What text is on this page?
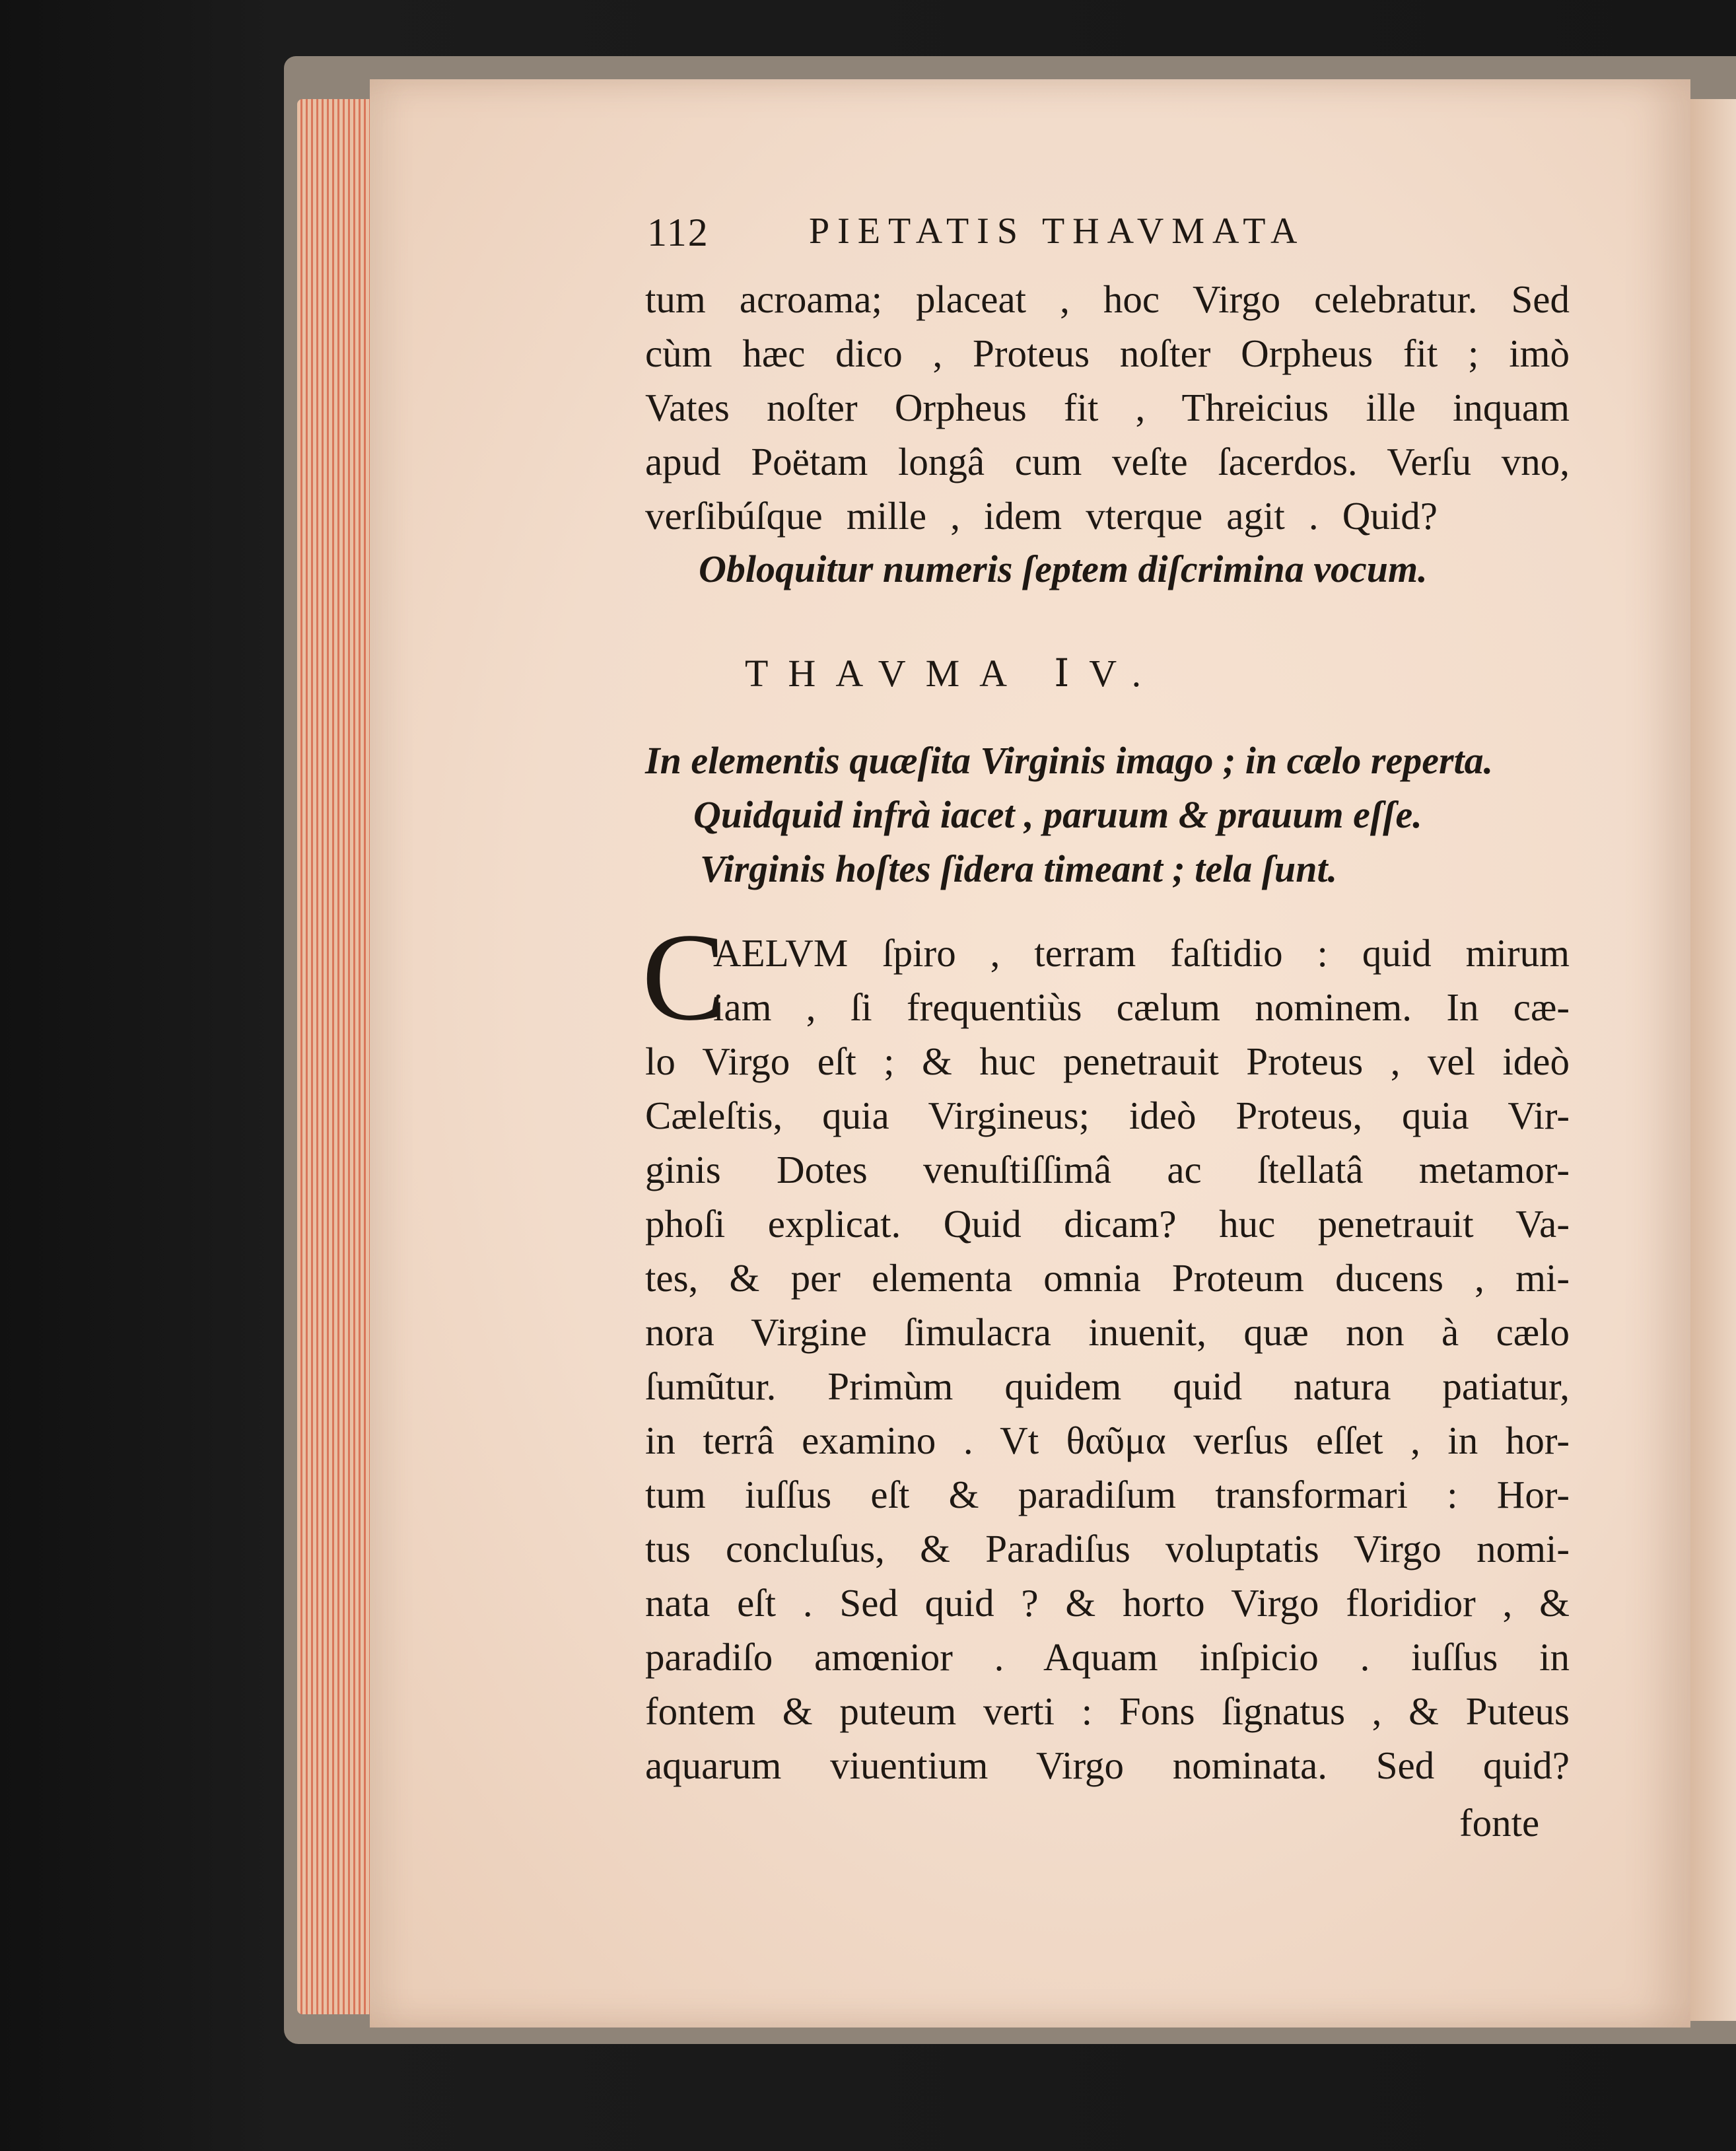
112	PIETATIS THAVMATA
tum acroama; placeat , hoc Virgo celebratur. Sed
cùm hæc dico , Proteus noſter Orpheus fit ; imò
Vates noſter Orpheus fit , Threicius ille inquam
apud Poëtam longâ cum veſte ſacerdos. Verſu vno,
verſibúſque mille , idem vterque agit . Quid?
Obloquitur numeris ſeptem diſcrimina vocum.
THAVMA ⅠV.
In elementis quæſita Virginis imago ; in cælo reperta.
Quidquid infrà iacet , paruum & prauum eſſe.
Virginis hoſtes ſidera timeant ; tela ſunt.
C
AELVM ſpiro , terram faſtidio : quid mirum
iam , ſi frequentiùs cælum nominem. In cæ-
lo Virgo eſt ; & huc penetrauit Proteus , vel ideò
Cæleſtis, quia Virgineus; ideò Proteus, quia Vir-
ginis Dotes venuſtiſſimâ ac ſtellatâ metamor-
phoſi explicat. Quid dicam? huc penetrauit Va-
tes, & per elementa omnia Proteum ducens , mi-
nora Virgine ſimulacra inuenit, quæ non à cælo
ſumũtur. Primùm quidem quid natura patiatur,
in terrâ examino . Vt θαῦμα verſus eſſet , in hor-
tum iuſſus eſt & paradiſum transformari : Hor-
tus concluſus, & Paradiſus voluptatis Virgo nomi-
nata eſt . Sed quid ? & horto Virgo floridior , &
paradiſo amœnior . Aquam inſpicio . iuſſus in
fontem & puteum verti : Fons ſignatus , & Puteus
aquarum viuentium Virgo nominata. Sed quid?
fonte
